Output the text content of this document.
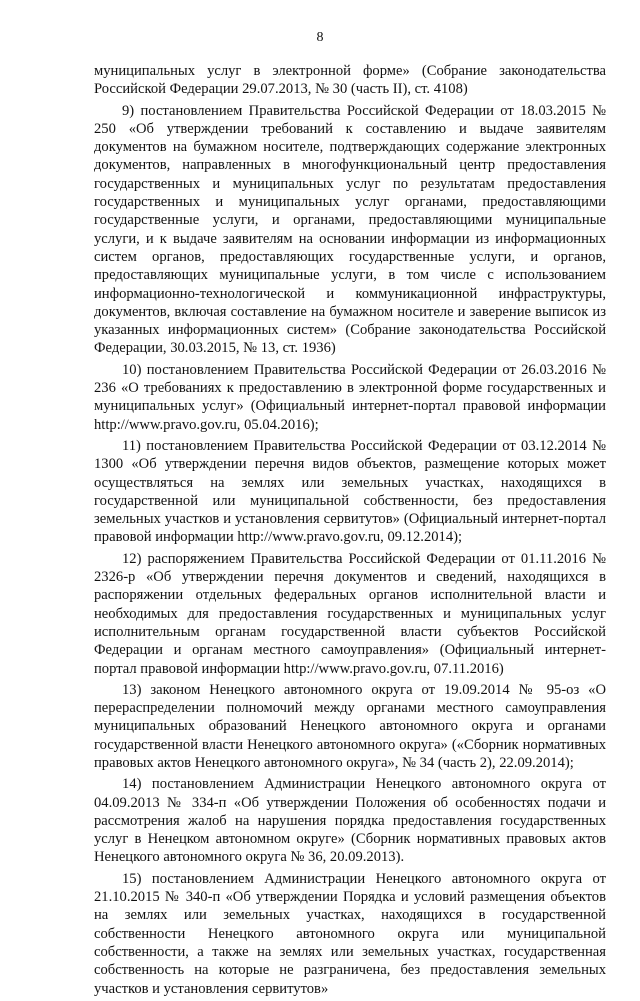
8

муниципальных услуг в электронной форме» (Собрание законодательства Российской Федерации 29.07.2013, № 30 (часть II), ст. 4108)

9) постановлением Правительства Российской Федерации от 18.03.2015 № 250 «Об утверждении требований к составлению и выдаче заявителям документов на бумажном носителе, подтверждающих содержание электронных документов, направленных в многофункциональный центр предоставления государственных и муниципальных услуг по результатам предоставления государственных и муниципальных услуг органами, предоставляющими государственные услуги, и органами, предоставляющими муниципальные услуги, и к выдаче заявителям на основании информации из информационных систем органов, предоставляющих государственные услуги, и органов, предоставляющих муниципальные услуги, в том числе с использованием информационно-технологической и коммуникационной инфраструктуры, документов, включая составление на бумажном носителе и заверение выписок из указанных информационных систем» (Собрание законодательства Российской Федерации, 30.03.2015, № 13, ст. 1936)

10) постановлением Правительства Российской Федерации от 26.03.2016 № 236 «О требованиях к предоставлению в электронной форме государственных и муниципальных услуг» (Официальный интернет-портал правовой информации http://www.pravo.gov.ru, 05.04.2016);

11) постановлением Правительства Российской Федерации от 03.12.2014 № 1300 «Об утверждении перечня видов объектов, размещение которых может осуществляться на землях или земельных участках, находящихся в государственной или муниципальной собственности, без предоставления земельных участков и установления сервитутов» (Официальный интернет-портал правовой информации http://www.pravo.gov.ru, 09.12.2014);

12) распоряжением Правительства Российской Федерации от 01.11.2016 № 2326-р «Об утверждении перечня документов и сведений, находящихся в распоряжении отдельных федеральных органов исполнительной власти и необходимых для предоставления государственных и муниципальных услуг исполнительным органам государственной власти субъектов Российской Федерации и органам местного самоуправления» (Официальный интернет-портал правовой информации http://www.pravo.gov.ru, 07.11.2016)

13) законом Ненецкого автономного округа от 19.09.2014 № 95-оз «О перераспределении полномочий между органами местного самоуправления муниципальных образований Ненецкого автономного округа и органами государственной власти Ненецкого автономного округа» («Сборник нормативных правовых актов Ненецкого автономного округа», № 34 (часть 2), 22.09.2014);

14) постановлением Администрации Ненецкого автономного округа от 04.09.2013 № 334-п «Об утверждении Положения об особенностях подачи и рассмотрения жалоб на нарушения порядка предоставления государственных услуг в Ненецком автономном округе» (Сборник нормативных правовых актов Ненецкого автономного округа № 36, 20.09.2013).

15) постановлением Администрации Ненецкого автономного округа от 21.10.2015 № 340-п «Об утверждении Порядка и условий размещения объектов на землях или земельных участках, находящихся в государственной собственности Ненецкого автономного округа или муниципальной собственности, а также на землях или земельных участках, государственная собственность на которые не разграничена, без предоставления земельных участков и установления сервитутов»
